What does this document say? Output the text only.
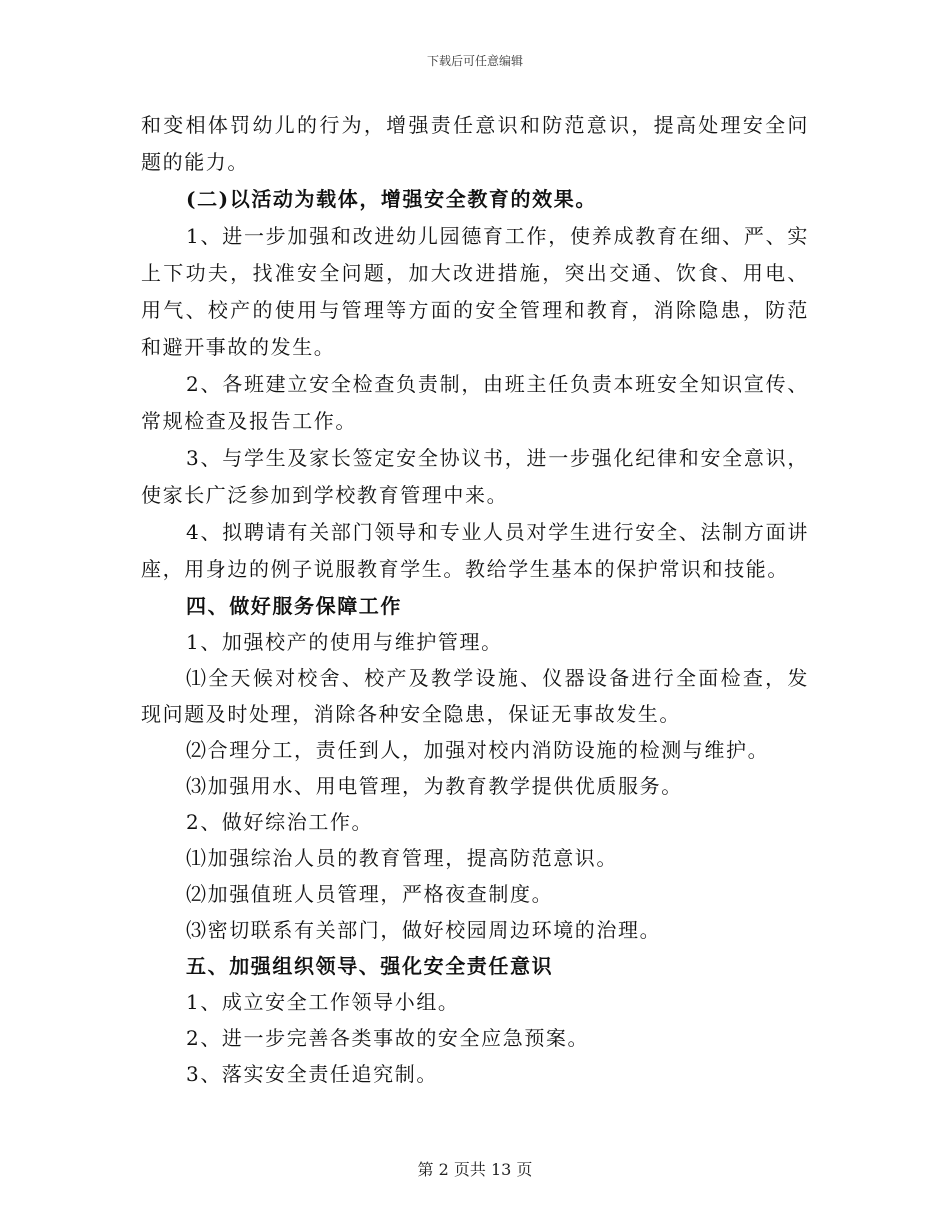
下载后可任意编辑

和变相体罚幼儿的行为，增强责任意识和防范意识，提高处理安全问题的能力。

(二)以活动为载体，增强安全教育的效果。

1、进一步加强和改进幼儿园德育工作，使养成教育在细、严、实上下功夫，找准安全问题，加大改进措施，突出交通、饮食、用电、用气、校产的使用与管理等方面的安全管理和教育，消除隐患，防范和避开事故的发生。

2、各班建立安全检查负责制，由班主任负责本班安全知识宣传、常规检查及报告工作。

3、与学生及家长签定安全协议书，进一步强化纪律和安全意识，使家长广泛参加到学校教育管理中来。

4、拟聘请有关部门领导和专业人员对学生进行安全、法制方面讲座，用身边的例子说服教育学生。教给学生基本的保护常识和技能。

四、做好服务保障工作

1、加强校产的使用与维护管理。

⑴全天候对校舍、校产及教学设施、仪器设备进行全面检查，发现问题及时处理，消除各种安全隐患，保证无事故发生。

⑵合理分工，责任到人，加强对校内消防设施的检测与维护。

⑶加强用水、用电管理，为教育教学提供优质服务。

2、做好综治工作。

⑴加强综治人员的教育管理，提高防范意识。

⑵加强值班人员管理，严格夜查制度。

⑶密切联系有关部门，做好校园周边环境的治理。

五、加强组织领导、强化安全责任意识

1、成立安全工作领导小组。

2、进一步完善各类事故的安全应急预案。

3、落实安全责任追究制。

第 2 页共 13 页
